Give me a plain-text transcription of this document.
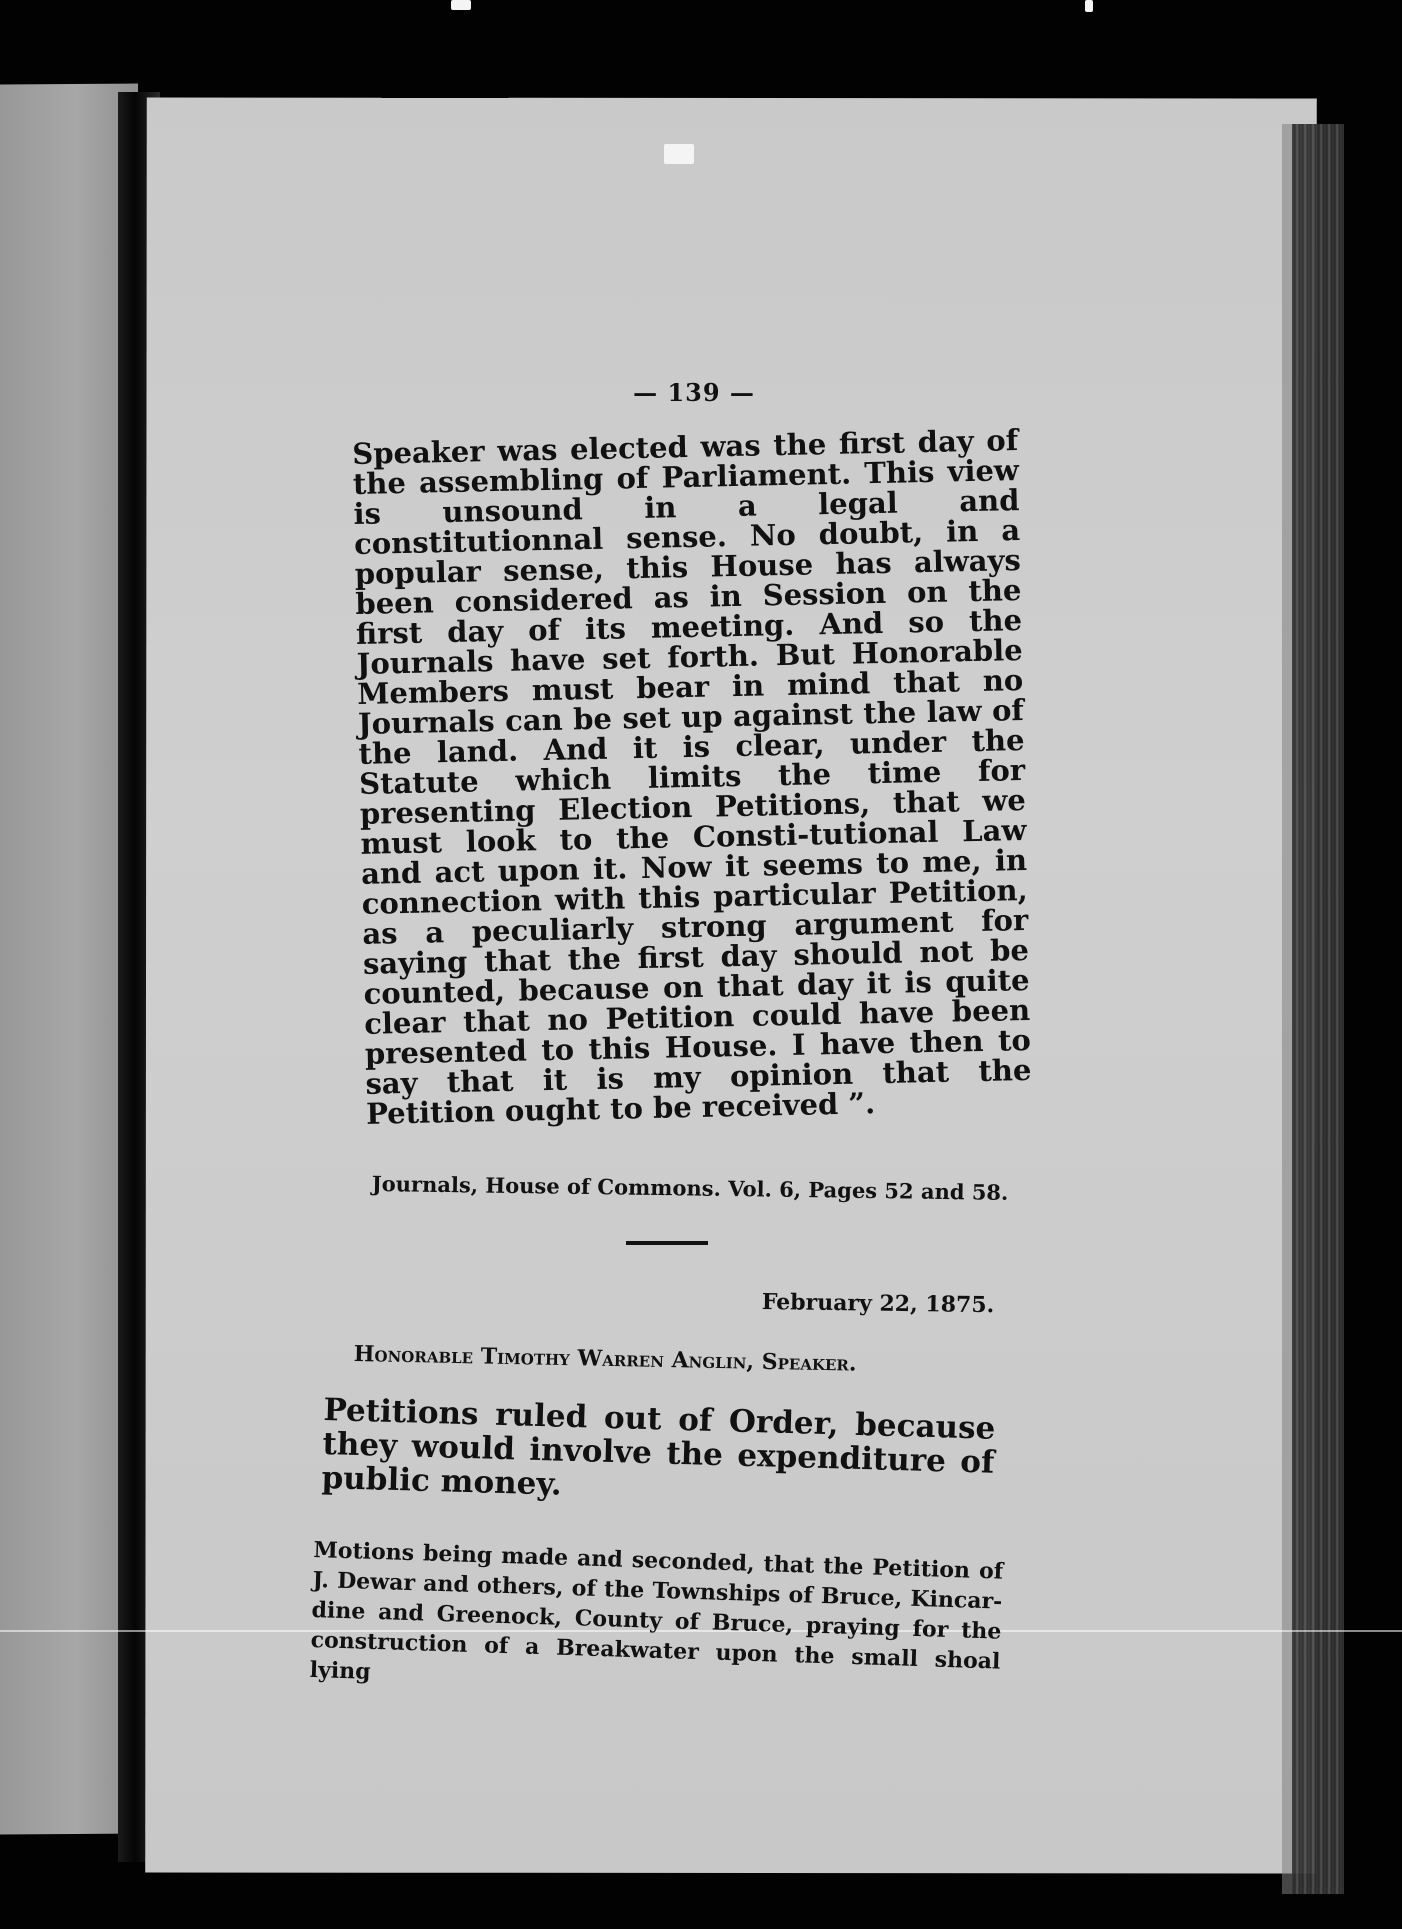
— 139 —

Speaker was elected was the first day of the assembling of Parliament. This view is unsound in a legal and constitutionnal sense. No doubt, in a popular sense, this House has always been considered as in Session on the first day of its meeting. And so the Journals have set forth. But Honorable Members must bear in mind that no Journals can be set up against the law of the land. And it is clear, under the Statute which limits the time for presenting Election Petitions, that we must look to the Consti-tutional Law and act upon it. Now it seems to me, in connection with this particular Petition, as a peculiarly strong argument for saying that the first day should not be counted, because on that day it is quite clear that no Petition could have been presented to this House. I have then to say that it is my opinion that the Petition ought to be received ”.

Journals, House of Commons. Vol. 6, Pages 52 and 58.
February 22, 1875.
Honorable Timothy Warren Anglin, Speaker.
Petitions ruled out of Order, because they would involve the expenditure of public money.

Motions being made and seconded, that the Petition of J. Dewar and others, of the Townships of Bruce, Kincar-dine and Greenock, County of Bruce, praying for the construction of a Breakwater upon the small shoal lying
